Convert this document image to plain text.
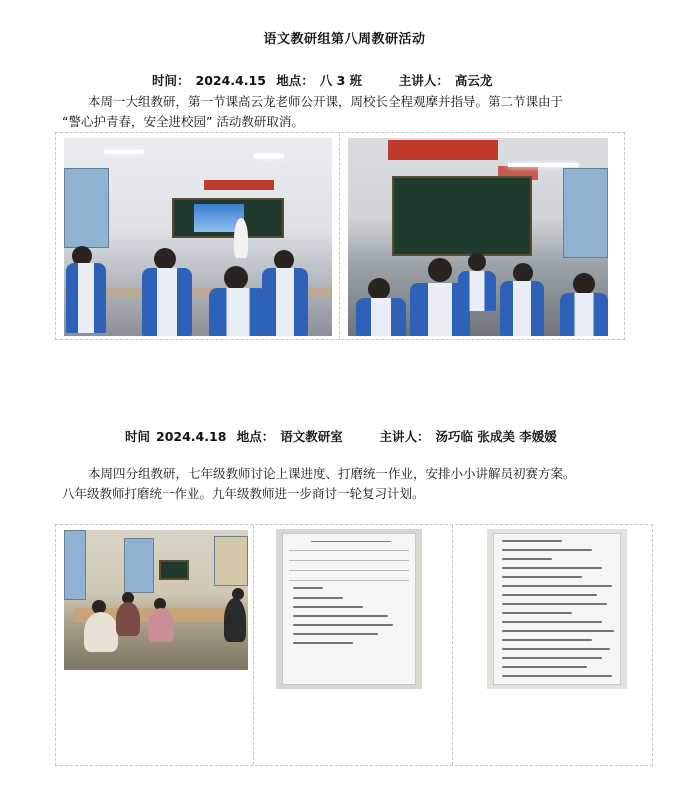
语文教研组第八周教研活动
时间： 2024.4.15 地点： 八 3 班	主讲人： 高云龙
本周一大组教研，第一节课高云龙老师公开课，周校长全程观摩并指导。第二节课由于
“警心护青春，安全进校园” 活动教研取消。
时间 2024.4.18 地点： 语文教研室	主讲人： 汤巧临 张成美 李媛媛
本周四分组教研，七年级教师讨论上课进度、打磨统一作业，安排小小讲解员初赛方案。
八年级教师打磨统一作业。九年级教师进一步商讨一轮复习计划。
